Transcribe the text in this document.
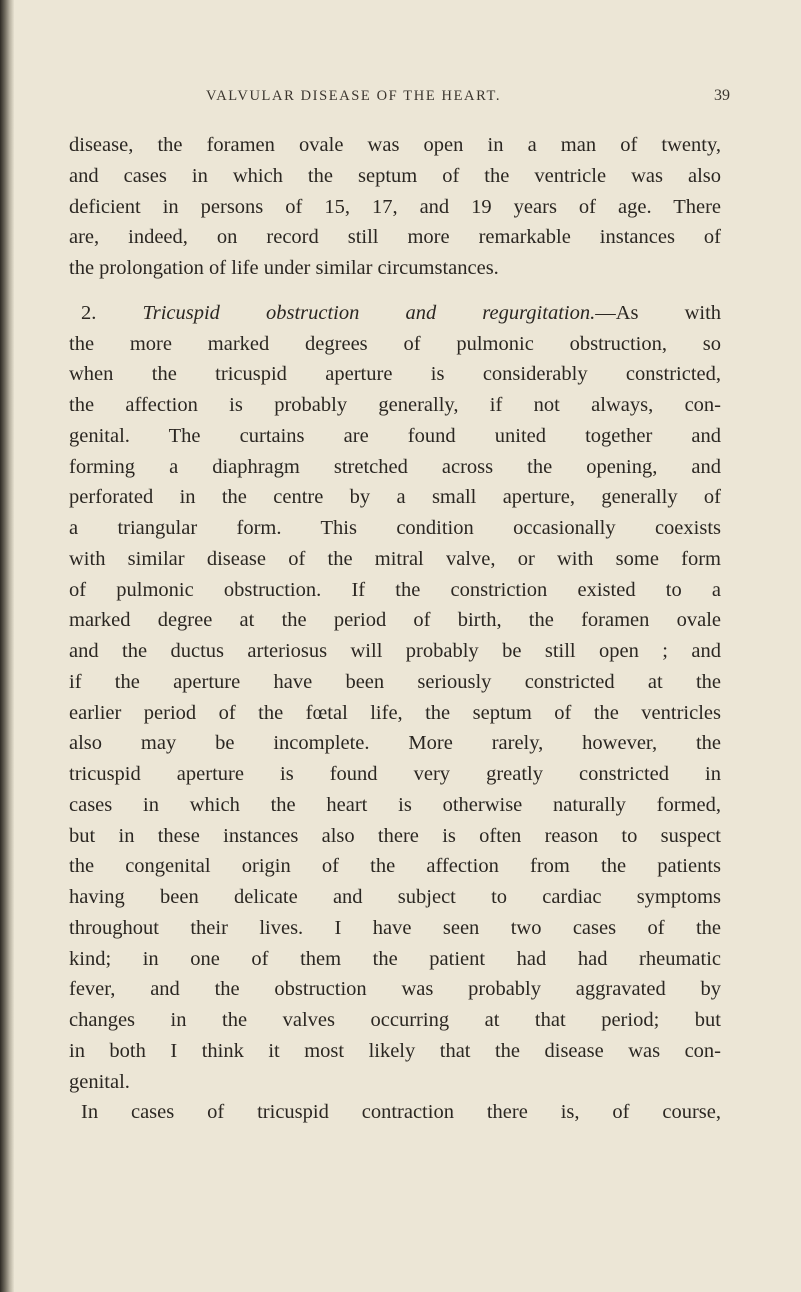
VALVULAR DISEASE OF THE HEART.	39
disease, the foramen ovale was open in a man of twenty,
and cases in which the septum of the ventricle was also
deficient in persons of 15, 17, and 19 years of age. There
are, indeed, on record still more remarkable instances of
the prolongation of life under similar circumstances.
2. Tricuspid obstruction and regurgitation.—As with
the more marked degrees of pulmonic obstruction, so
when the tricuspid aperture is considerably constricted,
the affection is probably generally, if not always, con-
genital. The curtains are found united together and
forming a diaphragm stretched across the opening, and
perforated in the centre by a small aperture, generally of
a triangular form. This condition occasionally coexists
with similar disease of the mitral valve, or with some form
of pulmonic obstruction. If the constriction existed to a
marked degree at the period of birth, the foramen ovale
and the ductus arteriosus will probably be still open ; and
if the aperture have been seriously constricted at the
earlier period of the fœtal life, the septum of the ventricles
also may be incomplete. More rarely, however, the
tricuspid aperture is found very greatly constricted in
cases in which the heart is otherwise naturally formed,
but in these instances also there is often reason to suspect
the congenital origin of the affection from the patients
having been delicate and subject to cardiac symptoms
throughout their lives. I have seen two cases of the
kind; in one of them the patient had had rheumatic
fever, and the obstruction was probably aggravated by
changes in the valves occurring at that period; but
in both I think it most likely that the disease was con-
genital.
In cases of tricuspid contraction there is, of course,
